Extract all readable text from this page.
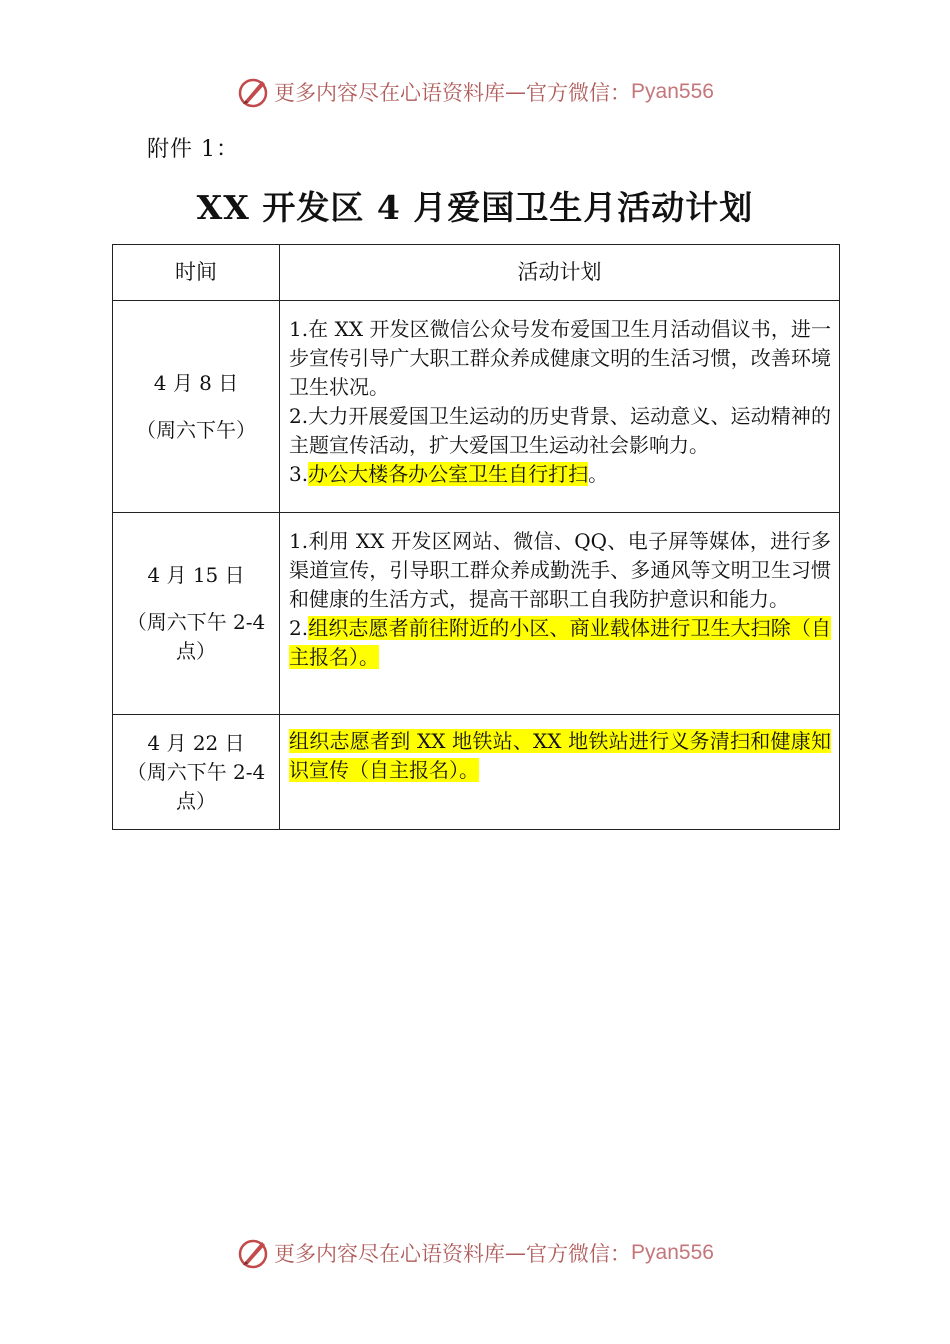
更多内容尽在心语资料库 — 官方微信： Pyan556
附件 1：
XX 开发区 4 月爱国卫生月活动计划
时间	活动计划

4 月 8 日
（周六下午）	1.在 XX 开发区微信公众号发布爱国卫生月活动倡议书，进一步宣传引导广大职工群众养成健康文明的生活习惯，改善环境卫生状况。
2.大力开展爱国卫生运动的历史背景、运动意义、运动精神的主题宣传活动，扩大爱国卫生运动社会影响力。
3.办公大楼各办公室卫生自行打扫。

4 月 15 日
（周六下午 2-4 点）	1.利用 XX 开发区网站、微信、QQ、电子屏等媒体，进行多渠道宣传，引导职工群众养成勤洗手、多通风等文明卫生习惯和健康的生活方式，提高干部职工自我防护意识和能力。
2.组织志愿者前往附近的小区、商业载体进行卫生大扫除（自主报名）。

4 月 22 日
（周六下午 2-4 点）	组织志愿者到 XX 地铁站、XX 地铁站进行义务清扫和健康知识宣传（自主报名）。
更多内容尽在心语资料库 — 官方微信： Pyan556
